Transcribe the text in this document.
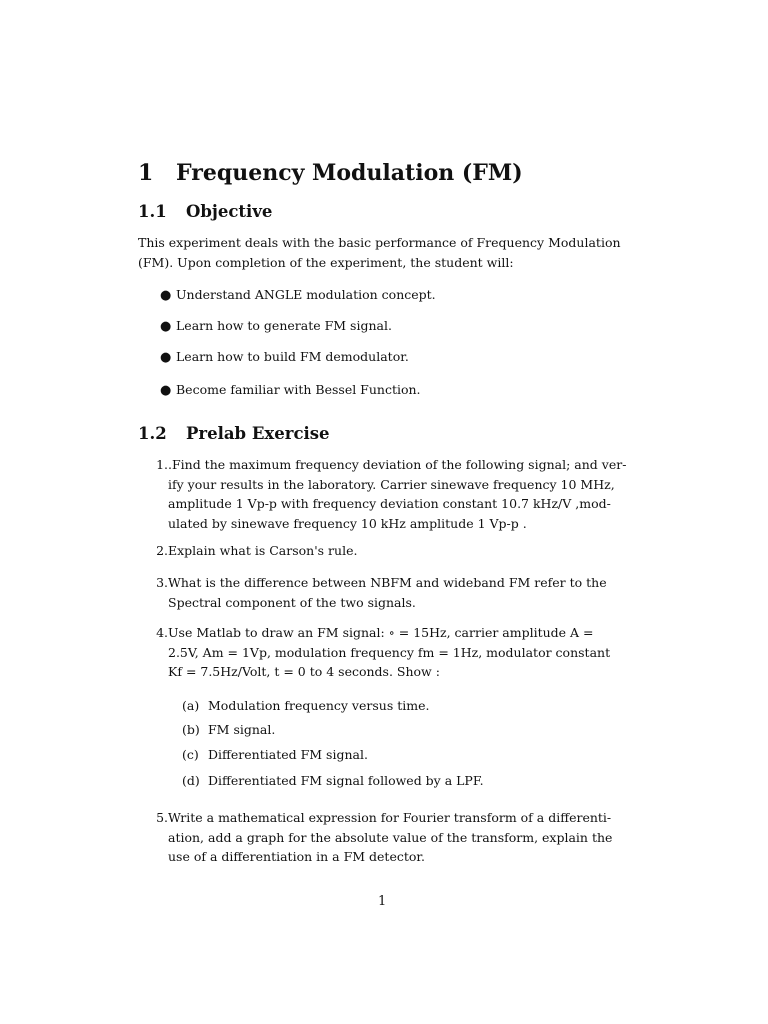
1 Frequency Modulation (FM)
1.1 Objective
This experiment deals with the basic performance of Frequency Modulation
(FM). Upon completion of the experiment, the student will:
● Understand ANGLE modulation concept.
● Learn how to generate FM signal.
● Learn how to build FM demodulator.
● Become familiar with Bessel Function.
1.2 Prelab Exercise
1. .Find the maximum frequency deviation of the following signal; and ver-
ify your results in the laboratory. Carrier sinewave frequency 10 MHz,
amplitude 1 Vp-p with frequency deviation constant 10.7 kHz/V ,mod-
ulated by sinewave frequency 10 kHz amplitude 1 Vp-p .
2. Explain what is Carson's rule.
3. What is the difference between NBFM and wideband FM refer to the
Spectral component of the two signals.
4. Use Matlab to draw an FM signal: ∘ = 15Hz, carrier amplitude A =
2.5V, Am = 1Vp, modulation frequency fm = 1Hz, modulator constant
Kf = 7.5Hz/Volt, t = 0 to 4 seconds. Show :
(a) Modulation frequency versus time.
(b) FM signal.
(c) Differentiated FM signal.
(d) Differentiated FM signal followed by a LPF.
5. Write a mathematical expression for Fourier transform of a differenti-
ation, add a graph for the absolute value of the transform, explain the
use of a differentiation in a FM detector.
1
